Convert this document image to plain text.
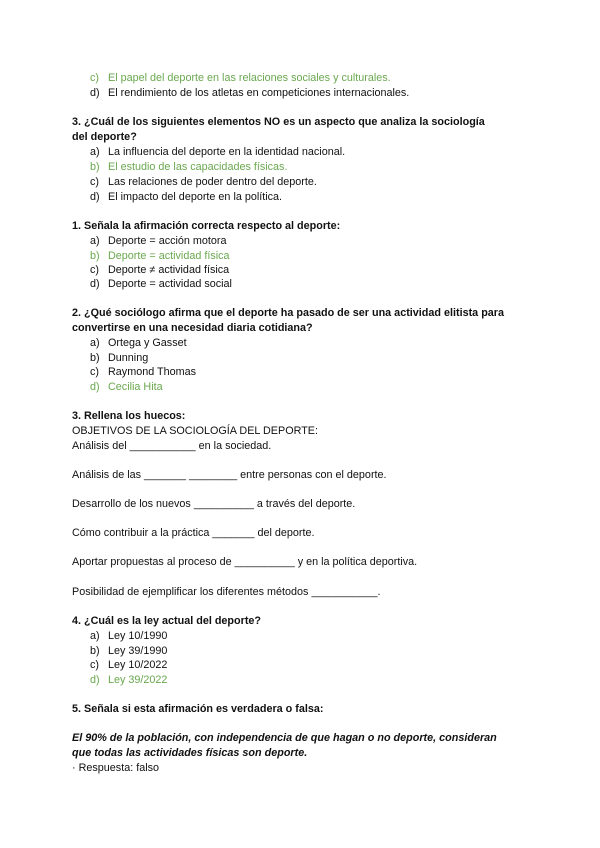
c) El papel del deporte en las relaciones sociales y culturales.
d) El rendimiento de los atletas en competiciones internacionales.
3. ¿Cuál de los siguientes elementos NO es un aspecto que analiza la sociología
del deporte?
a) La influencia del deporte en la identidad nacional.
b) El estudio de las capacidades físicas.
c) Las relaciones de poder dentro del deporte.
d) El impacto del deporte en la política.
1. Señala la afirmación correcta respecto al deporte:
a) Deporte = acción motora
b) Deporte = actividad física
c) Deporte ≠ actividad física
d) Deporte = actividad social
2. ¿Qué sociólogo afirma que el deporte ha pasado de ser una actividad elitista para
convertirse en una necesidad diaria cotidiana?
a) Ortega y Gasset
b) Dunning
c) Raymond Thomas
d) Cecilia Hita
3. Rellena los huecos:
OBJETIVOS DE LA SOCIOLOGÍA DEL DEPORTE:
Análisis del ___________ en la sociedad.
Análisis de las _______ ________ entre personas con el deporte.
Desarrollo de los nuevos __________ a través del deporte.
Cómo contribuir a la práctica _______ del deporte.
Aportar propuestas al proceso de __________ y en la política deportiva.
Posibilidad de ejemplificar los diferentes métodos ___________.
4. ¿Cuál es la ley actual del deporte?
a) Ley 10/1990
b) Ley 39/1990
c) Ley 10/2022
d) Ley 39/2022
5. Señala si esta afirmación es verdadera o falsa:
El 90% de la población, con independencia de que hagan o no deporte, consideran
que todas las actividades físicas son deporte.
· Respuesta: falso
